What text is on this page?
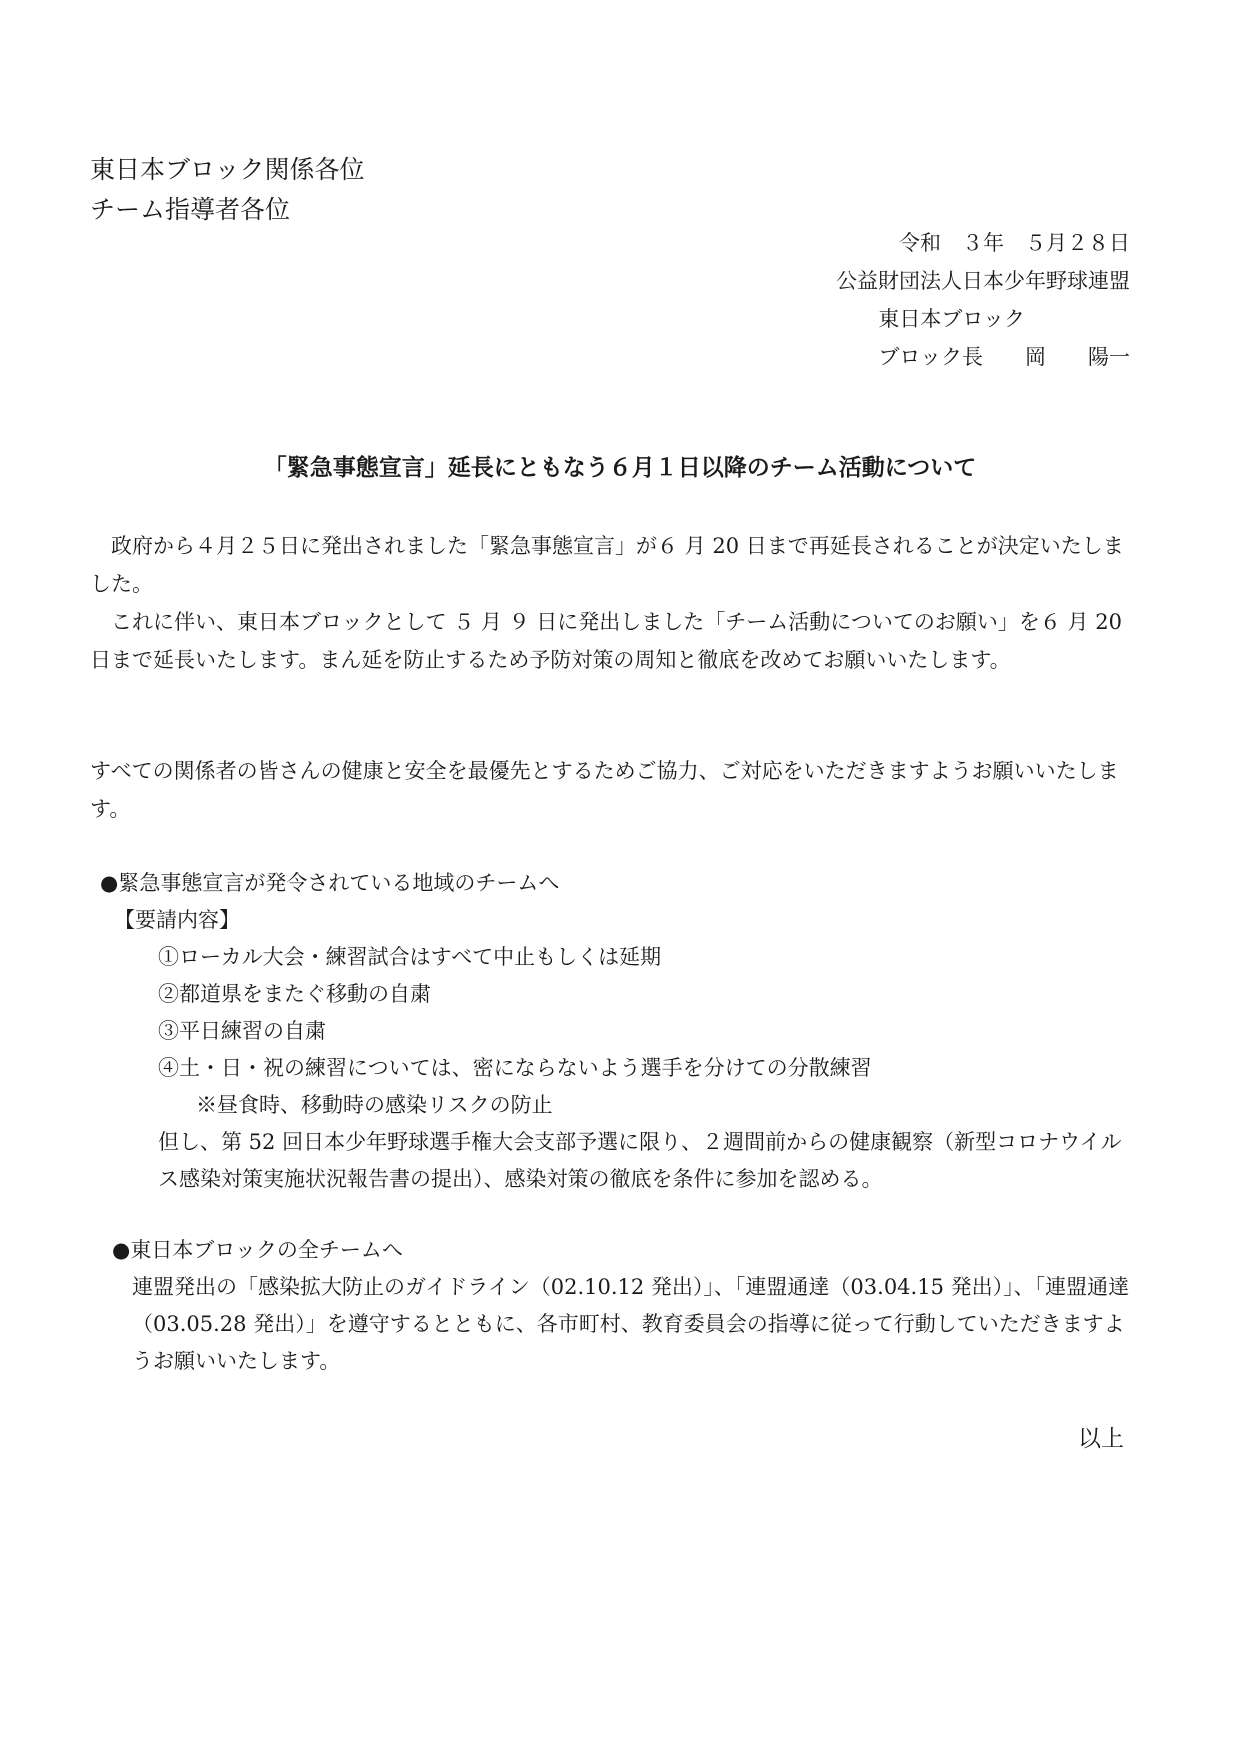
東日本ブロック関係各位
チーム指導者各位
令和　３年　５月２８日
公益財団法人日本少年野球連盟
東日本ブロック
ブロック長　　岡　　陽一
「緊急事態宣言」延長にともなう６月１日以降のチーム活動について
　政府から４月２５日に発出されました「緊急事態宣言」が６ 月 20 日まで再延長されることが決定いたしました。
　これに伴い、東日本ブロックとして ５ 月 ９ 日に発出しました「チーム活動についてのお願い」を６ 月 20 日まで延長いたします。まん延を防止するため予防対策の周知と徹底を改めてお願いいたします。
すべての関係者の皆さんの健康と安全を最優先とするためご協力、ご対応をいただきますようお願いいたします。
●緊急事態宣言が発令されている地域のチームへ
【要請内容】
①ローカル大会・練習試合はすべて中止もしくは延期
②都道県をまたぐ移動の自粛
③平日練習の自粛
④土・日・祝の練習については、密にならないよう選手を分けての分散練習
※昼食時、移動時の感染リスクの防止
但し、第 52 回日本少年野球選手権大会支部予選に限り、２週間前からの健康観察（新型コロナウイルス感染対策実施状況報告書の提出）、感染対策の徹底を条件に参加を認める。
●東日本ブロックの全チームへ
連盟発出の「感染拡大防止のガイドライン（02.10.12 発出）」、「連盟通達（03.04.15 発出）」、「連盟通達（03.05.28 発出）」を遵守するとともに、各市町村、教育委員会の指導に従って行動していただきますようお願いいたします。
以上
